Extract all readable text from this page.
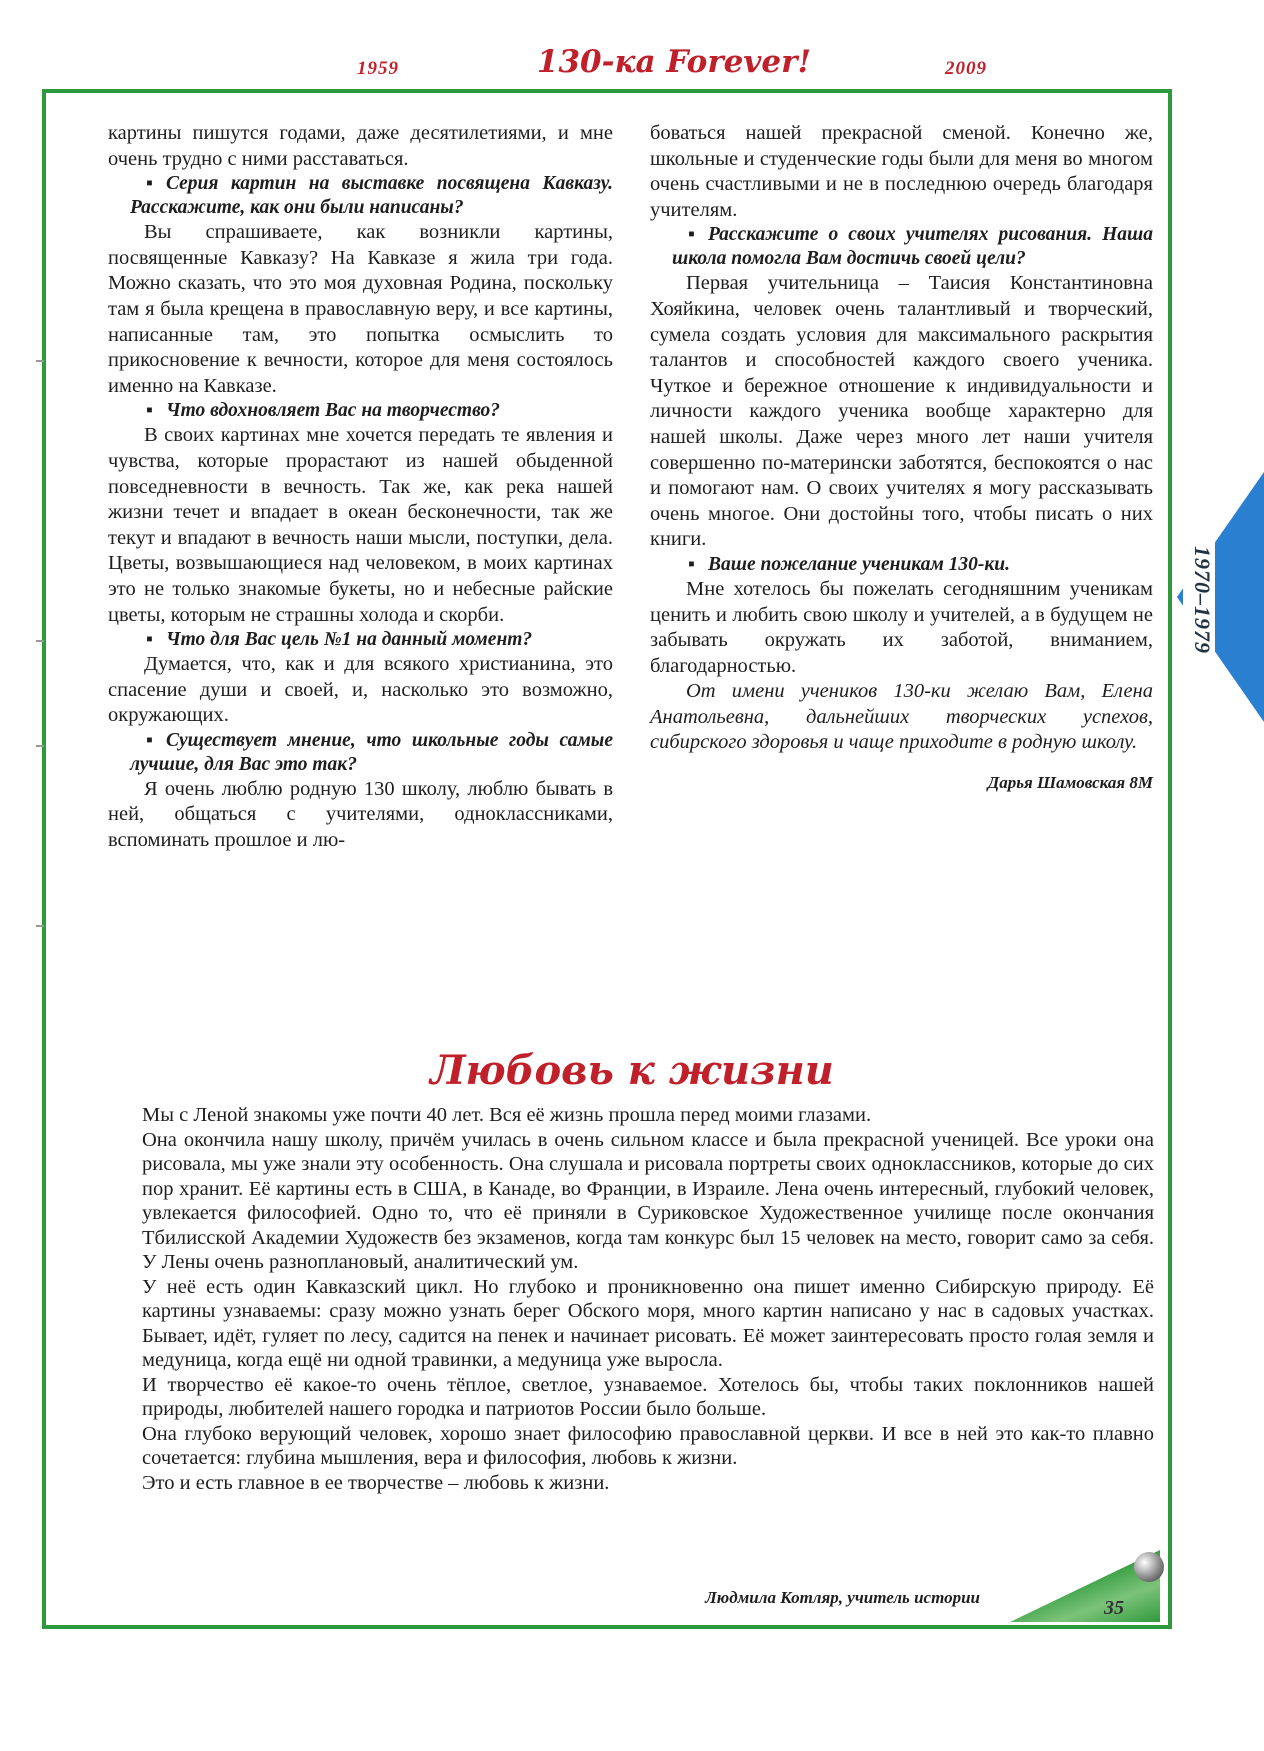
1959	130-ка Forever!	2009

картины пишутся годами, даже десятилетиями, и мне очень трудно с ними расставаться.

▪ Серия картин на выставке посвящена Кавказу. Расскажите, как они были написаны?

Вы спрашиваете, как возникли картины, посвященные Кавказу? На Кавказе я жила три года. Можно сказать, что это моя духовная Родина, поскольку там я была крещена в православную веру, и все картины, написанные там, это попытка осмыслить то прикосновение к вечности, которое для меня состоялось именно на Кавказе.

▪ Что вдохновляет Вас на творчество?

В своих картинах мне хочется передать те явления и чувства, которые прорастают из нашей обыденной повседневности в вечность. Так же, как река нашей жизни течет и впадает в океан бесконечности, так же текут и впадают в вечность наши мысли, поступки, дела. Цветы, возвышающиеся над человеком, в моих картинах это не только знакомые букеты, но и небесные райские цветы, которым не страшны холода и скорби.

▪ Что для Вас цель №1 на данный момент?

Думается, что, как и для всякого христианина, это спасение души и своей, и, насколько это возможно, окружающих.

▪ Существует мнение, что школьные годы самые лучшие, для Вас это так?

Я очень люблю родную 130 школу, люблю бывать в ней, общаться с учителями, одноклассниками, вспоминать прошлое и лю-

боваться нашей прекрасной сменой. Конечно же, школьные и студенческие годы были для меня во многом очень счастливыми и не в последнюю очередь благодаря учителям.

▪ Расскажите о своих учителях рисования. Наша школа помогла Вам достичь своей цели?

Первая учительница – Таисия Константиновна Хояйкина, человек очень талантливый и творческий, сумела создать условия для максимального раскрытия талантов и способностей каждого своего ученика. Чуткое и бережное отношение к индивидуальности и личности каждого ученика вообще характерно для нашей школы. Даже через много лет наши учителя совершенно по-матерински заботятся, беспокоятся о нас и помогают нам. О своих учителях я могу рассказывать очень многое. Они достойны того, чтобы писать о них книги.

▪ Ваше пожелание ученикам 130-ки.

Мне хотелось бы пожелать сегодняшним ученикам ценить и любить свою школу и учителей, а в будущем не забывать окружать их заботой, вниманием, благодарностью.

От имени учеников 130-ки желаю Вам, Елена Анатольевна, дальнейших творческих успехов, сибирского здоровья и чаще приходите в родную школу.

Дарья Шамовская 8М
1970–1979
Любовь к жизни

Мы с Леной знакомы уже почти 40 лет. Вся её жизнь прошла перед моими глазами.

Она окончила нашу школу, причём училась в очень сильном классе и была прекрасной ученицей. Все уроки она рисовала, мы уже знали эту особенность. Она слушала и рисовала портреты своих одноклассников, которые до сих пор хранит. Её картины есть в США, в Канаде, во Франции, в Израиле. Лена очень интересный, глубокий человек, увлекается философией. Одно то, что её приняли в Суриковское Художественное училище после окончания Тбилисской Академии Художеств без экзаменов, когда там конкурс был 15 человек на место, говорит само за себя. У Лены очень разноплановый, аналитический ум.

У неё есть один Кавказский цикл. Но глубоко и проникновенно она пишет именно Сибирскую природу. Её картины узнаваемы: сразу можно узнать берег Обского моря, много картин написано у нас в садовых участках. Бывает, идёт, гуляет по лесу, садится на пенек и начинает рисовать. Её может заинтересовать просто голая земля и медуница, когда ещё ни одной травинки, а медуница уже выросла.

И творчество её какое-то очень тёплое, светлое, узнаваемое. Хотелось бы, чтобы таких поклонников нашей природы, любителей нашего городка и патриотов России было больше.

Она глубоко верующий человек, хорошо знает философию православной церкви. И все в ней это как-то плавно сочетается: глубина мышления, вера и философия, любовь к жизни.

Это и есть главное в ее творчестве – любовь к жизни.

Людмила Котляр, учитель истории	35
